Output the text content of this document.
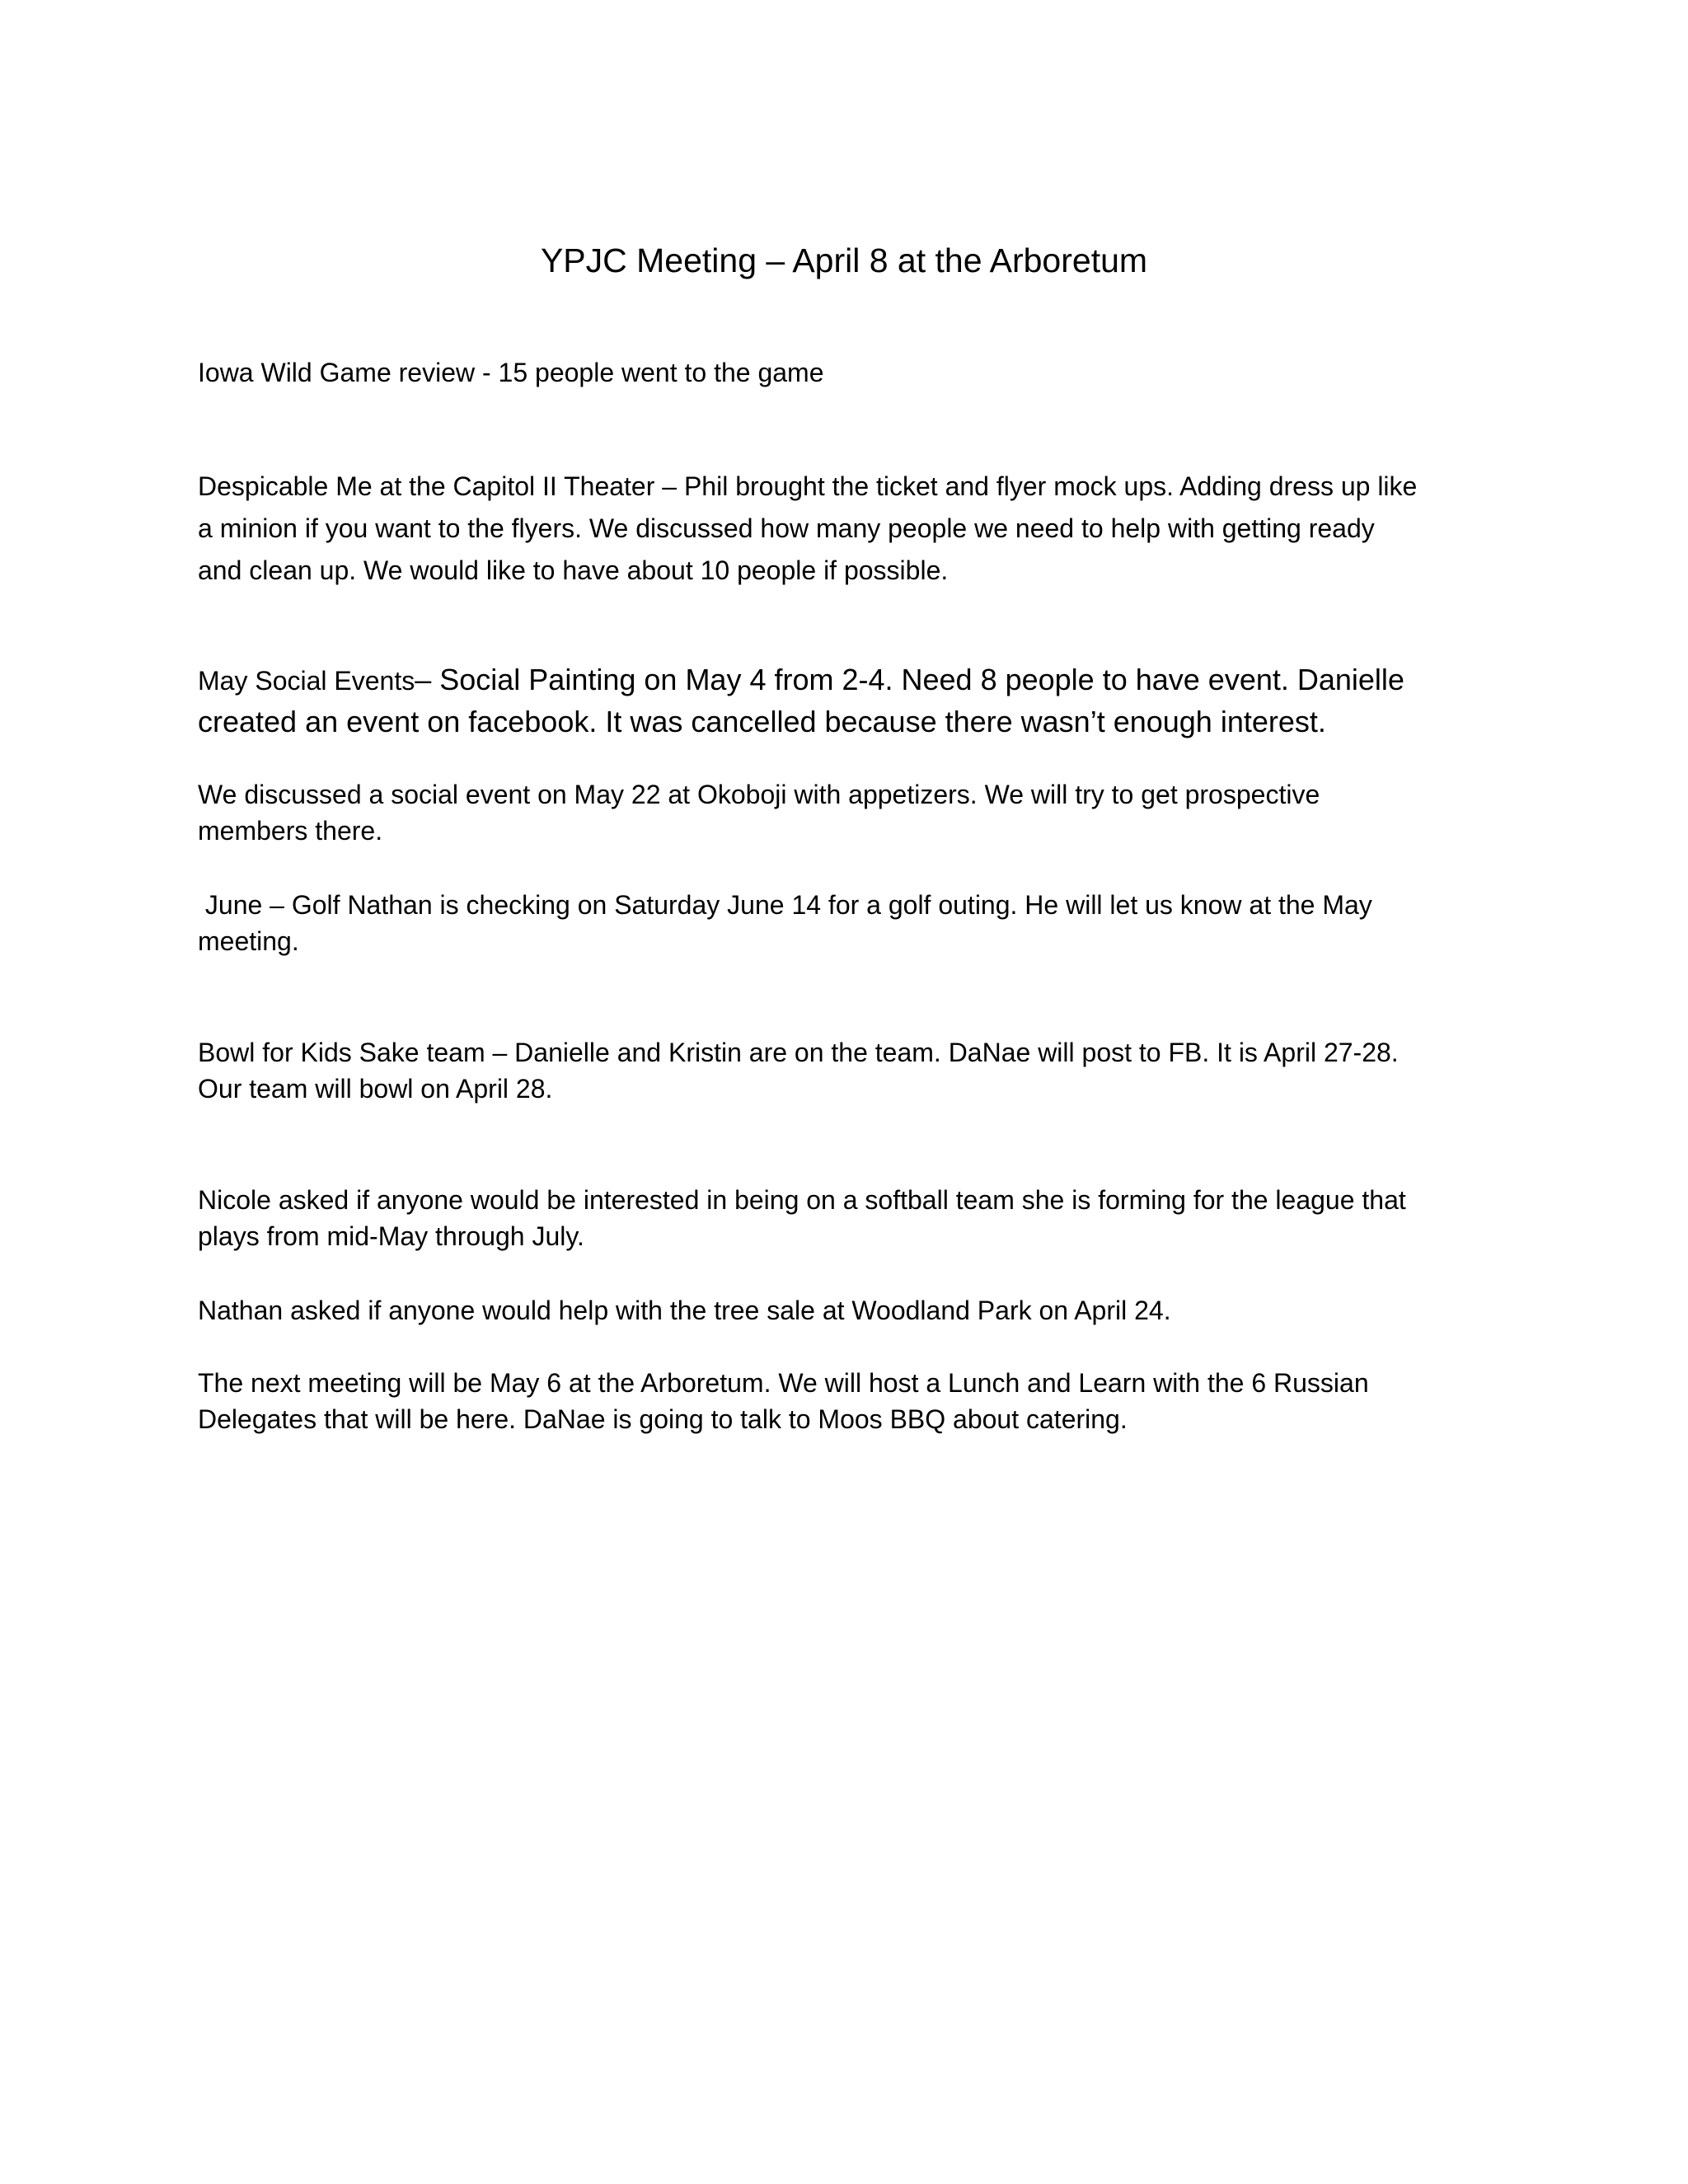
YPJC Meeting – April 8 at the Arboretum

Iowa Wild Game review - 15 people went to the game

Despicable Me at the Capitol II Theater – Phil brought the ticket and flyer mock ups. Adding dress up like
a minion if you want to the flyers. We discussed how many people we need to help with getting ready
and clean up. We would like to have about 10 people if possible.

May Social Events– Social Painting on May 4 from 2-4. Need 8 people to have event. Danielle
created an event on facebook. It was cancelled because there wasn’t enough interest.

We discussed a social event on May 22 at Okoboji with appetizers. We will try to get prospective
members there.

June – Golf Nathan is checking on Saturday June 14 for a golf outing. He will let us know at the May
meeting.

Bowl for Kids Sake team – Danielle and Kristin are on the team. DaNae will post to FB. It is April 27-28.
Our team will bowl on April 28.

Nicole asked if anyone would be interested in being on a softball team she is forming for the league that
plays from mid-May through July.

Nathan asked if anyone would help with the tree sale at Woodland Park on April 24.

The next meeting will be May 6 at the Arboretum. We will host a Lunch and Learn with the 6 Russian
Delegates that will be here. DaNae is going to talk to Moos BBQ about catering.
